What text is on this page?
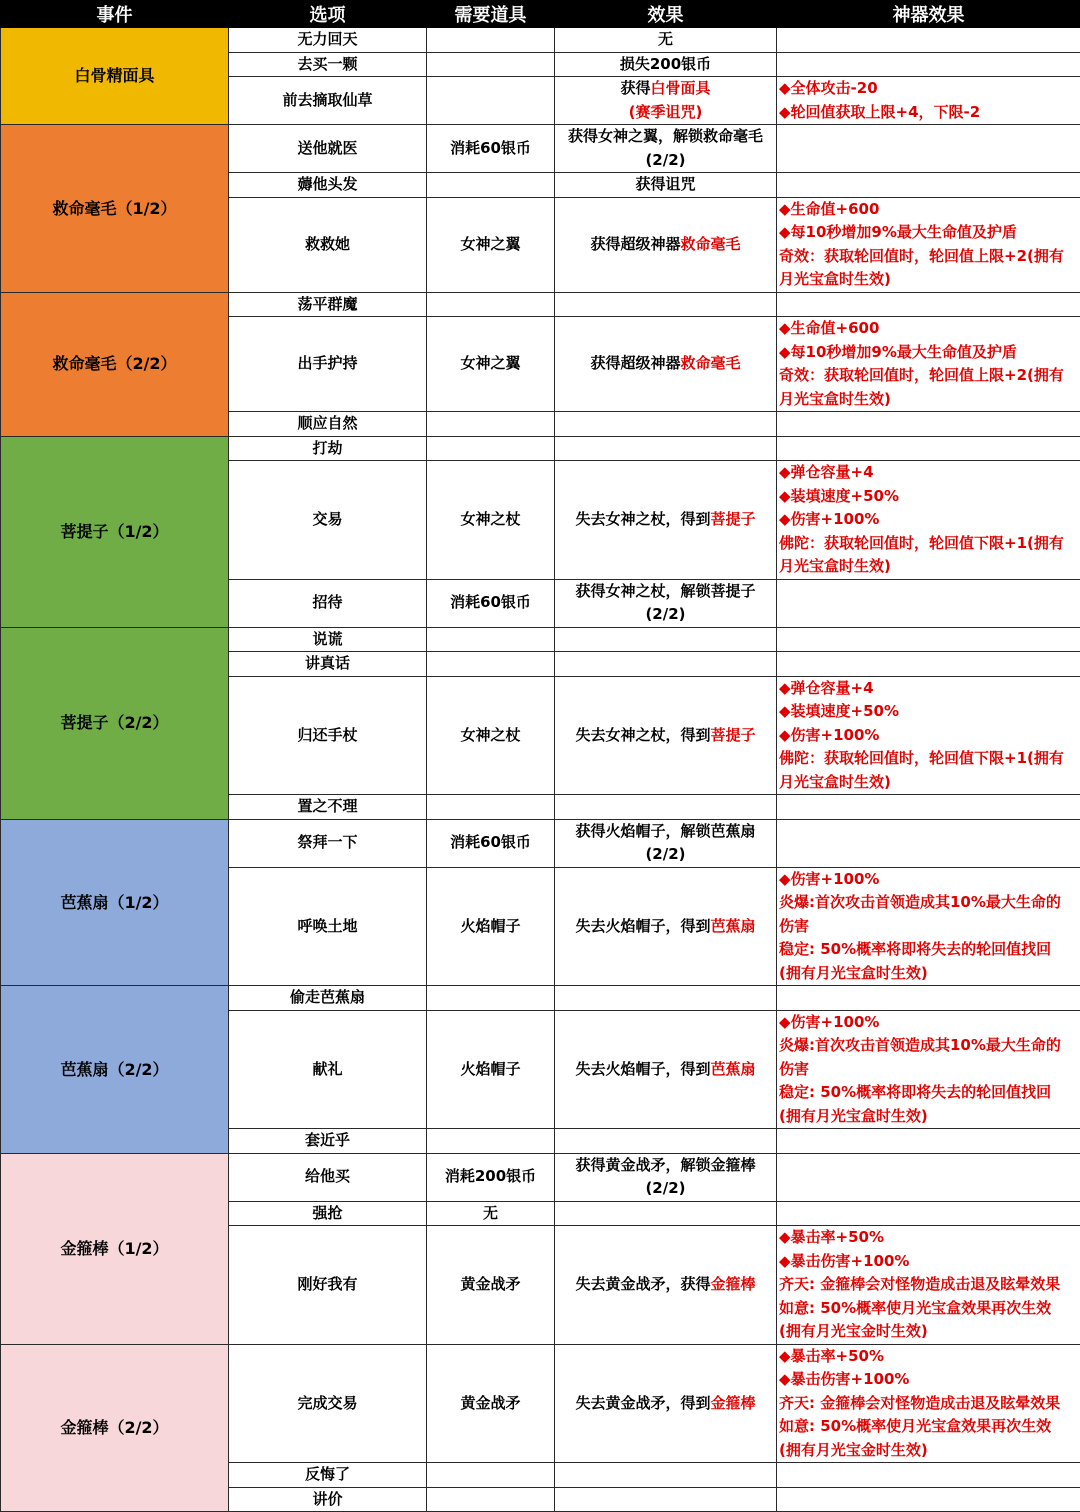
事件	选项	需要道具	效果	神器效果
白骨精面具	无力回天		无	

	去买一颗		损失200银币	

	前去摘取仙草		获得白骨面具
(赛季诅咒)	◆全体攻击-20
◆轮回值获取上限+4，下限-2

救命毫毛（1/2）	送他就医	消耗60银币	获得女神之翼，解锁救命毫毛
(2/2)	

	薅他头发		获得诅咒	

	救救她	女神之翼	获得超级神器救命毫毛	◆生命值+600
◆每10秒增加9%最大生命值及护盾
奇效：获取轮回值时，轮回值上限+2(拥有
月光宝盒时生效)

救命毫毛（2/2）	荡平群魔			
	出手护持	女神之翼	获得超级神器救命毫毛	◆生命值+600
◆每10秒增加9%最大生命值及护盾
奇效：获取轮回值时，轮回值上限+2(拥有
月光宝盒时生效)

	顺应自然			
菩提子（1/2）	打劫			
	交易	女神之杖	失去女神之杖，得到菩提子	◆弹仓容量+4
◆装填速度+50%
◆伤害+100%
佛陀：获取轮回值时，轮回值下限+1(拥有
月光宝盒时生效)

	招待	消耗60银币	获得女神之杖，解锁菩提子
(2/2)	

菩提子（2/2）	说谎			
	讲真话			
	归还手杖	女神之杖	失去女神之杖，得到菩提子	◆弹仓容量+4
◆装填速度+50%
◆伤害+100%
佛陀：获取轮回值时，轮回值下限+1(拥有
月光宝盒时生效)

	置之不理			
芭蕉扇（1/2）	祭拜一下	消耗60银币	获得火焰帽子，解锁芭蕉扇
(2/2)	

	呼唤土地	火焰帽子	失去火焰帽子，得到芭蕉扇	◆伤害+100%
炎爆:首次攻击首领造成其10%最大生命的
伤害
稳定: 50%概率将即将失去的轮回值找回
(拥有月光宝盒时生效)

芭蕉扇（2/2）	偷走芭蕉扇			
	献礼	火焰帽子	失去火焰帽子，得到芭蕉扇	◆伤害+100%
炎爆:首次攻击首领造成其10%最大生命的
伤害
稳定: 50%概率将即将失去的轮回值找回
(拥有月光宝盒时生效)

	套近乎			
金箍棒（1/2）	给他买	消耗200银币	获得黄金战矛，解锁金箍棒
(2/2)	

	强抢	无		
	刚好我有	黄金战矛	失去黄金战矛，获得金箍棒	◆暴击率+50%
◆暴击伤害+100%
齐天: 金箍棒会对怪物造成击退及眩晕效果
如意: 50%概率使月光宝盒效果再次生效
(拥有月光宝金时生效)

金箍棒（2/2）	完成交易	黄金战矛	失去黄金战矛，得到金箍棒	◆暴击率+50%
◆暴击伤害+100%
齐天: 金箍棒会对怪物造成击退及眩晕效果
如意: 50%概率使月光宝盒效果再次生效
(拥有月光宝金时生效)

	反悔了			
	讲价			
